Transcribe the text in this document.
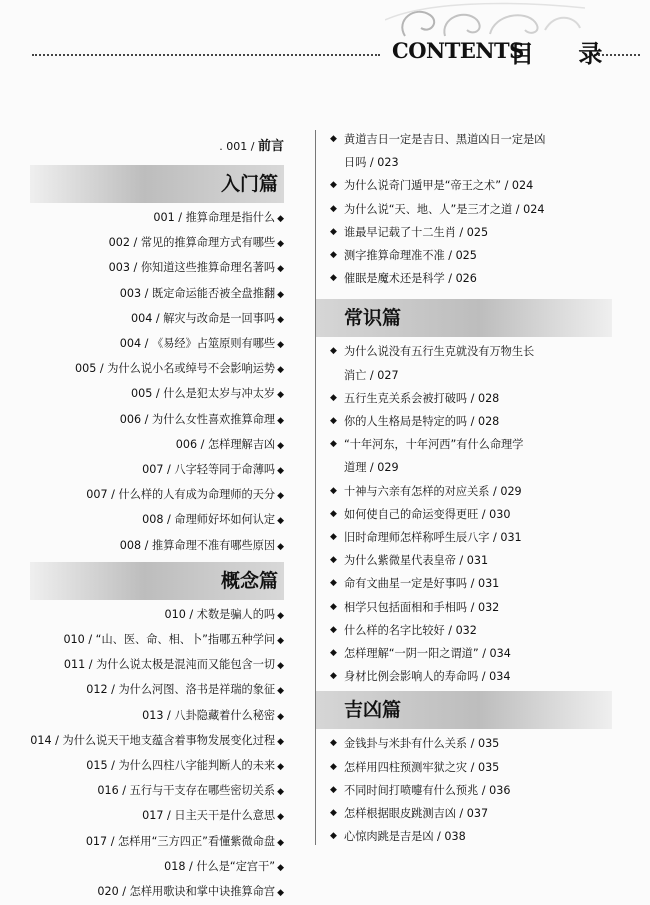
CONTENTS
目 录
. 001 / 前言
入门篇
001 / 推算命理是指什么 ◆
002 / 常见的推算命理方式有哪些 ◆
003 / 你知道这些推算命理名著吗 ◆
003 / 既定命运能否被全盘推翻 ◆
004 / 解灾与改命是一回事吗 ◆
004 / 《易经》占筮原则有哪些 ◆
005 / 为什么说小名或绰号不会影响运势 ◆
005 / 什么是犯太岁与冲太岁 ◆
006 / 为什么女性喜欢推算命理 ◆
006 / 怎样理解吉凶 ◆
007 / 八字轻等同于命薄吗 ◆
007 / 什么样的人有成为命理师的天分 ◆
008 / 命理师好坏如何认定 ◆
008 / 推算命理不准有哪些原因 ◆
概念篇
010 / 术数是骗人的吗 ◆
010 / “山、医、命、相、卜”指哪五种学问 ◆
011 / 为什么说太极是混沌而又能包含一切 ◆
012 / 为什么河图、洛书是祥瑞的象征 ◆
013 / 八卦隐藏着什么秘密 ◆
014 / 为什么说天干地支蕴含着事物发展变化过程 ◆
015 / 为什么四柱八字能判断人的未来 ◆
016 / 五行与干支存在哪些密切关系 ◆
017 / 日主天干是什么意思 ◆
017 / 怎样用“三方四正”看懂紫微命盘 ◆
018 / 什么是“定宫干” ◆
020 / 怎样用歌诀和掌中诀推算命宫 ◆
◆ 黄道吉日一定是吉日、黑道凶日一定是凶
日吗 / 023
◆ 为什么说奇门遁甲是“帝王之术” / 024
◆ 为什么说“天、地、人”是三才之道 / 024
◆ 谁最早记载了十二生肖 / 025
◆ 测字推算命理准不准 / 025
◆ 催眠是魔术还是科学 / 026
常识篇
◆ 为什么说没有五行生克就没有万物生长
消亡 / 027
◆ 五行生克关系会被打破吗 / 028
◆ 你的人生格局是特定的吗 / 028
◆ “十年河东，十年河西”有什么命理学
道理 / 029
◆ 十神与六亲有怎样的对应关系 / 029
◆ 如何使自己的命运变得更旺 / 030
◆ 旧时命理师怎样称呼生辰八字 / 031
◆ 为什么紫微星代表皇帝 / 031
◆ 命有文曲星一定是好事吗 / 031
◆ 相学只包括面相和手相吗 / 032
◆ 什么样的名字比较好 / 032
◆ 怎样理解“一阴一阳之谓道” / 034
◆ 身材比例会影响人的寿命吗 / 034
吉凶篇
◆ 金钱卦与米卦有什么关系 / 035
◆ 怎样用四柱预测牢狱之灾 / 035
◆ 不同时间打喷嚏有什么预兆 / 036
◆ 怎样根据眼皮跳测吉凶 / 037
◆ 心惊肉跳是吉是凶 / 038
